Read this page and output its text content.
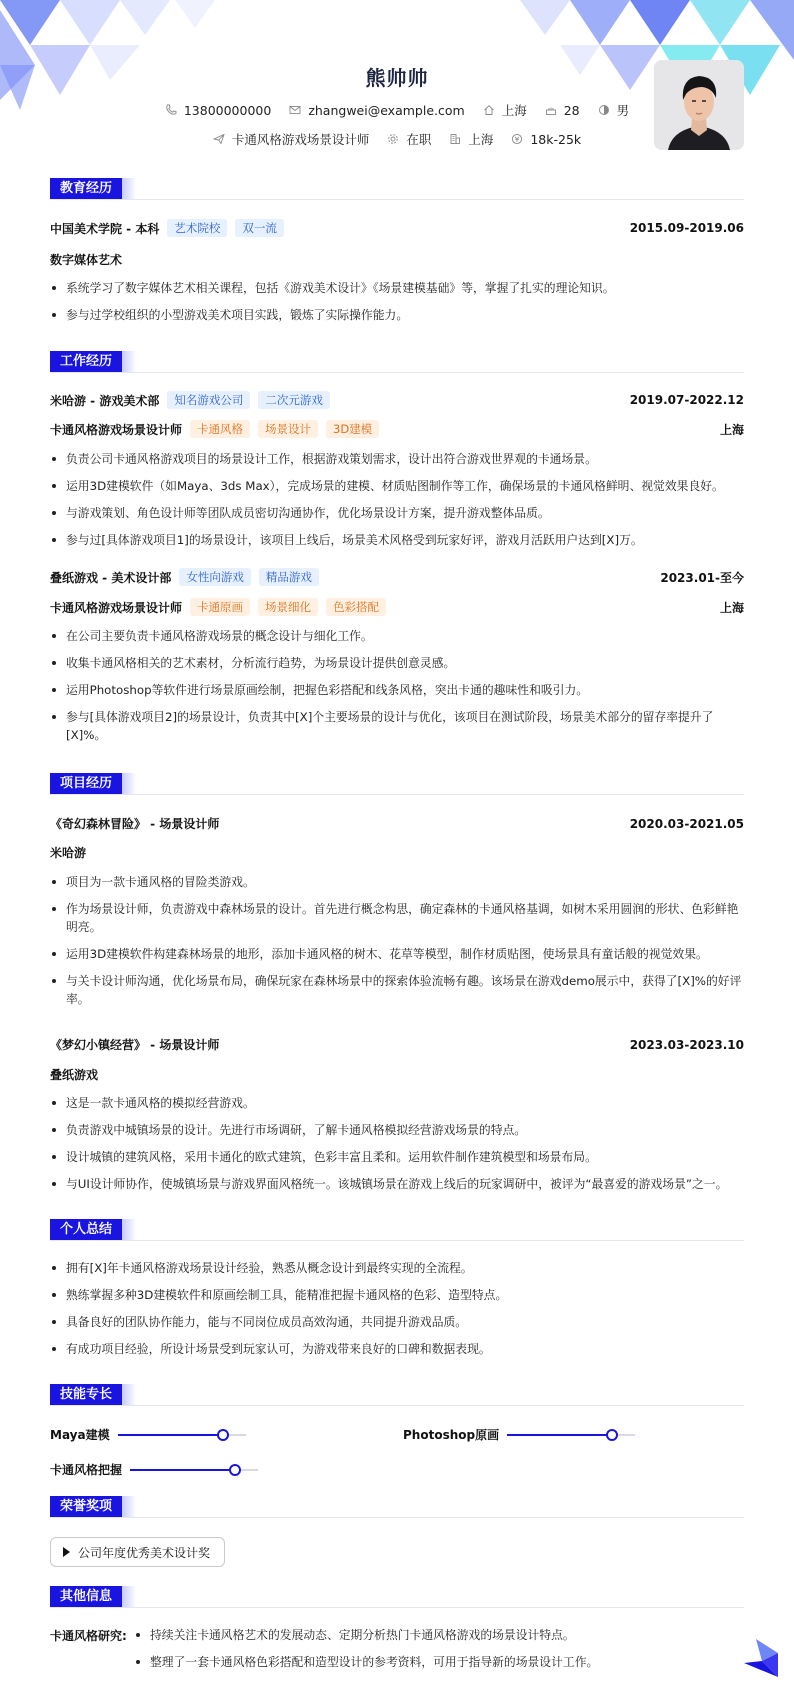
熊帅帅
13800000000	zhangwei@example.com	上海	28	男
卡通风格游戏场景设计师	在职	上海	18k-25k
教育经历
中国美术学院 - 本科	艺术院校	双一流	2015.09-2019.06
数字媒体艺术
系统学习了数字媒体艺术相关课程，包括《游戏美术设计》《场景建模基础》等，掌握了扎实的理论知识。
参与过学校组织的小型游戏美术项目实践，锻炼了实际操作能力。
工作经历
米哈游 - 游戏美术部	知名游戏公司	二次元游戏	2019.07-2022.12
卡通风格游戏场景设计师	卡通风格	场景设计	3D建模	上海
负责公司卡通风格游戏项目的场景设计工作，根据游戏策划需求，设计出符合游戏世界观的卡通场景。
运用3D建模软件（如Maya、3ds Max），完成场景的建模、材质贴图制作等工作，确保场景的卡通风格鲜明、视觉效果良好。
与游戏策划、角色设计师等团队成员密切沟通协作，优化场景设计方案，提升游戏整体品质。
参与过[具体游戏项目1]的场景设计，该项目上线后，场景美术风格受到玩家好评，游戏月活跃用户达到[X]万。
叠纸游戏 - 美术设计部	女性向游戏	精品游戏	2023.01-至今
卡通风格游戏场景设计师	卡通原画	场景细化	色彩搭配	上海
在公司主要负责卡通风格游戏场景的概念设计与细化工作。
收集卡通风格相关的艺术素材，分析流行趋势，为场景设计提供创意灵感。
运用Photoshop等软件进行场景原画绘制，把握色彩搭配和线条风格，突出卡通的趣味性和吸引力。
参与[具体游戏项目2]的场景设计，负责其中[X]个主要场景的设计与优化，该项目在测试阶段，场景美术部分的留存率提升了[X]%。
项目经历
《奇幻森林冒险》 - 场景设计师	2020.03-2021.05
米哈游
项目为一款卡通风格的冒险类游戏。
作为场景设计师，负责游戏中森林场景的设计。首先进行概念构思，确定森林的卡通风格基调，如树木采用圆润的形状、色彩鲜艳明亮。
运用3D建模软件构建森林场景的地形，添加卡通风格的树木、花草等模型，制作材质贴图，使场景具有童话般的视觉效果。
与关卡设计师沟通，优化场景布局，确保玩家在森林场景中的探索体验流畅有趣。该场景在游戏demo展示中，获得了[X]%的好评率。
《梦幻小镇经营》 - 场景设计师	2023.03-2023.10
叠纸游戏
这是一款卡通风格的模拟经营游戏。
负责游戏中城镇场景的设计。先进行市场调研，了解卡通风格模拟经营游戏场景的特点。
设计城镇的建筑风格，采用卡通化的欧式建筑，色彩丰富且柔和。运用软件制作建筑模型和场景布局。
与UI设计师协作，使城镇场景与游戏界面风格统一。该城镇场景在游戏上线后的玩家调研中，被评为“最喜爱的游戏场景”之一。
个人总结
拥有[X]年卡通风格游戏场景设计经验，熟悉从概念设计到最终实现的全流程。
熟练掌握多种3D建模软件和原画绘制工具，能精准把握卡通风格的色彩、造型特点。
具备良好的团队协作能力，能与不同岗位成员高效沟通，共同提升游戏品质。
有成功项目经验，所设计场景受到玩家认可，为游戏带来良好的口碑和数据表现。
技能专长
Maya建模	Photoshop原画
卡通风格把握
荣誉奖项
公司年度优秀美术设计奖
其他信息
卡通风格研究:	持续关注卡通风格艺术的发展动态、定期分析热门卡通风格游戏的场景设计特点。
整理了一套卡通风格色彩搭配和造型设计的参考资料，可用于指导新的场景设计工作。
